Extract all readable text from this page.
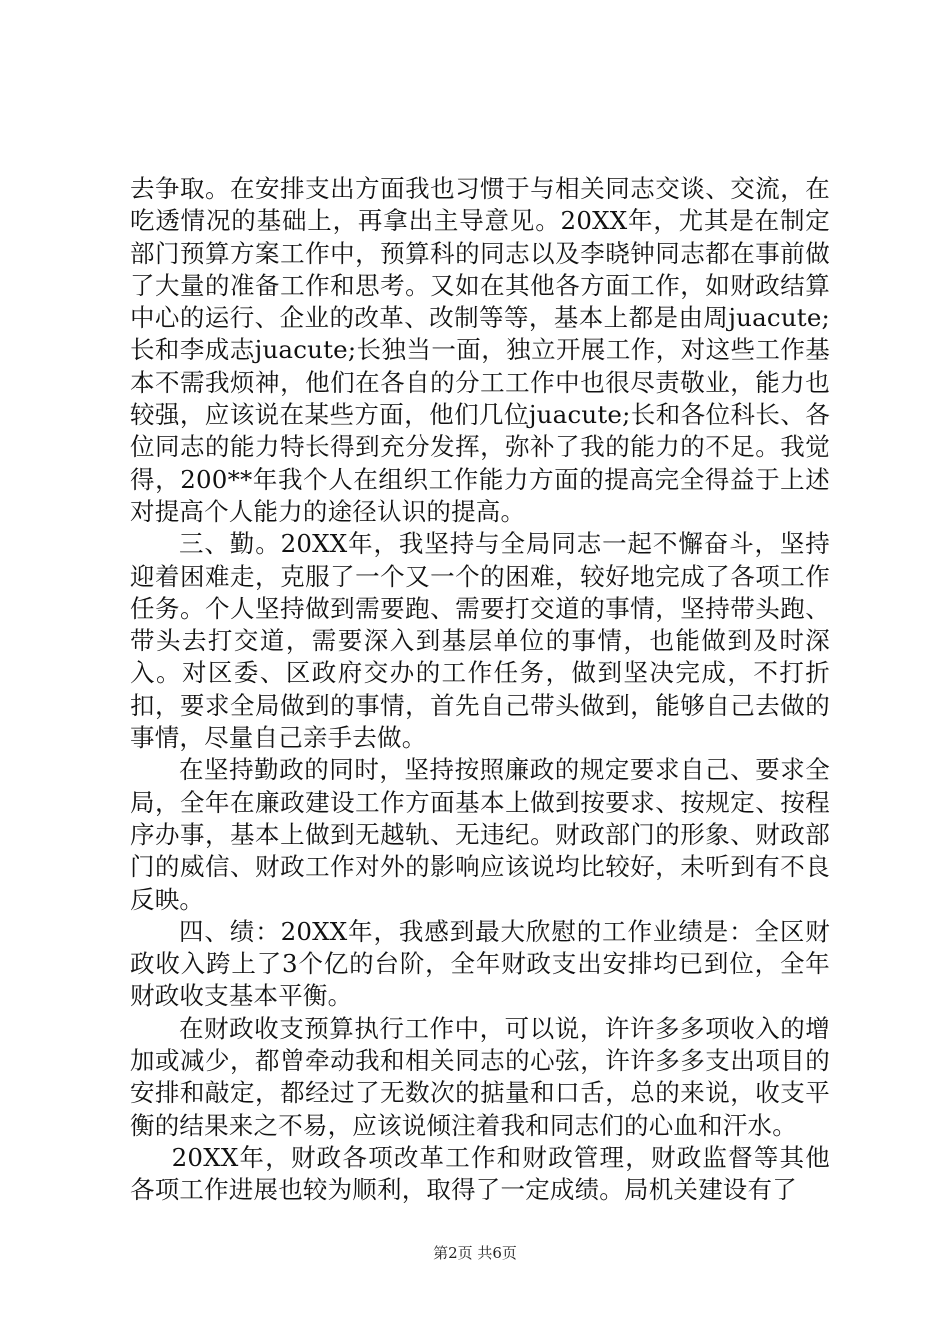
去争取。在安排支出方面我也习惯于与相关同志交谈、交流，在吃透情况的基础上，再拿出主导意见。20XX年，尤其是在制定部门预算方案工作中，预算科的同志以及李晓钟同志都在事前做了大量的准备工作和思考。又如在其他各方面工作，如财政结算中心的运行、企业的改革、改制等等，基本上都是由周juacute;长和李成志juacute;长独当一面，独立开展工作，对这些工作基本不需我烦神，他们在各自的分工工作中也很尽责敬业，能力也较强，应该说在某些方面，他们几位juacute;长和各位科长、各位同志的能力特长得到充分发挥，弥补了我的能力的不足。我觉得，200**年我个人在组织工作能力方面的提高完全得益于上述对提高个人能力的途径认识的提高。

三、勤。20XX年，我坚持与全局同志一起不懈奋斗，坚持迎着困难走，克服了一个又一个的困难，较好地完成了各项工作任务。个人坚持做到需要跑、需要打交道的事情，坚持带头跑、带头去打交道，需要深入到基层单位的事情，也能做到及时深入。对区委、区政府交办的工作任务，做到坚决完成，不打折扣，要求全局做到的事情，首先自己带头做到，能够自己去做的事情，尽量自己亲手去做。

在坚持勤政的同时，坚持按照廉政的规定要求自己、要求全局，全年在廉政建设工作方面基本上做到按要求、按规定、按程序办事，基本上做到无越轨、无违纪。财政部门的形象、财政部门的威信、财政工作对外的影响应该说均比较好，未听到有不良反映。

四、绩：20XX年，我感到最大欣慰的工作业绩是：全区财政收入跨上了3个亿的台阶，全年财政支出安排均已到位，全年财政收支基本平衡。

在财政收支预算执行工作中，可以说，许许多多项收入的增加或减少，都曾牵动我和相关同志的心弦，许许多多支出项目的安排和敲定，都经过了无数次的掂量和口舌，总的来说，收支平衡的结果来之不易，应该说倾注着我和同志们的心血和汗水。

20XX年，财政各项改革工作和财政管理，财政监督等其他各项工作进展也较为顺利，取得了一定成绩。局机关建设有了

第2页 共6页
